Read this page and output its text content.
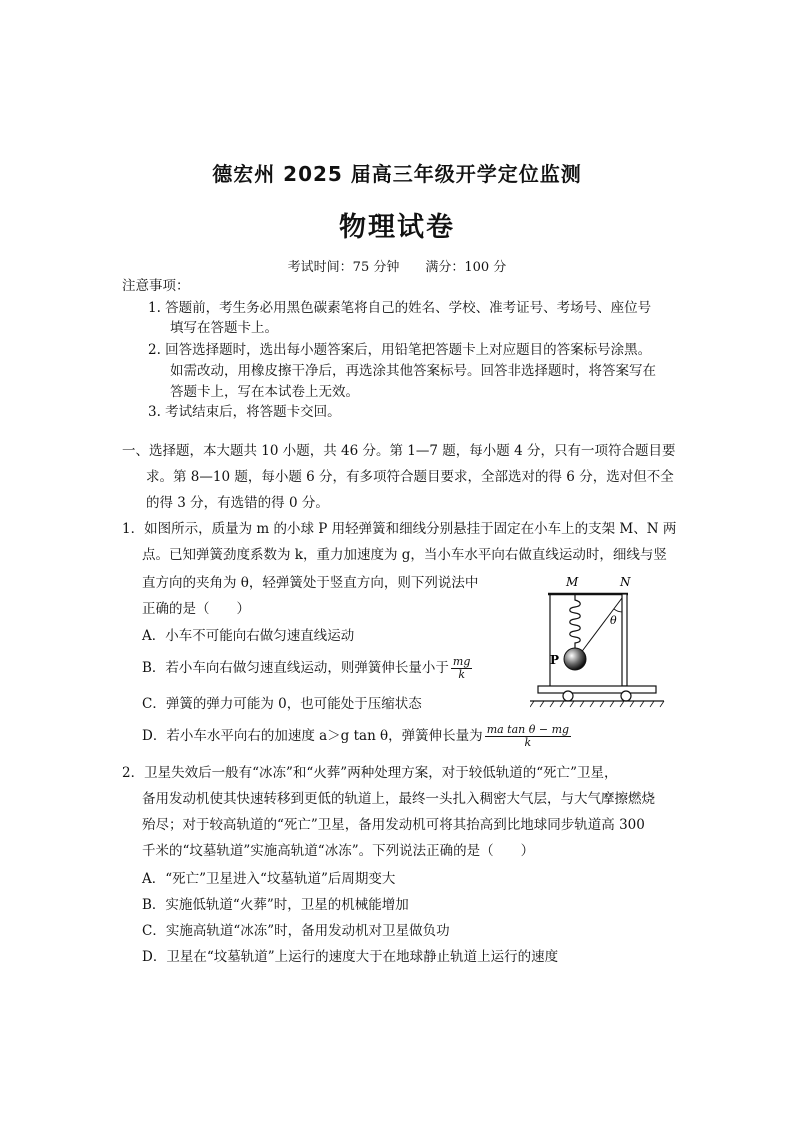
德宏州 2025 届高三年级开学定位监测
物理试卷
考试时间：75 分钟 满分：100 分
注意事项：
1. 答题前，考生务必用黑色碳素笔将自己的姓名、学校、准考证号、考场号、座位号
填写在答题卡上。
2. 回答选择题时，选出每小题答案后，用铅笔把答题卡上对应题目的答案标号涂黑。
如需改动，用橡皮擦干净后，再选涂其他答案标号。回答非选择题时，将答案写在
答题卡上，写在本试卷上无效。
3. 考试结束后，将答题卡交回。
一、选择题，本大题共 10 小题，共 46 分。第 1—7 题，每小题 4 分，只有一项符合题目要
求。第 8—10 题，每小题 6 分，有多项符合题目要求，全部选对的得 6 分，选对但不全
的得 3 分，有选错的得 0 分。
1．如图所示，质量为 m 的小球 P 用轻弹簧和细线分别悬挂于固定在小车上的支架 M、N 两
点。已知弹簧劲度系数为 k，重力加速度为 g，当小车水平向右做直线运动时，细线与竖
直方向的夹角为 θ，轻弹簧处于竖直方向，则下列说法中
正确的是（　　）
A．小车不可能向右做匀速直线运动
B．若小车向右做匀速直线运动，则弹簧伸长量小于 $\frac{mg}{k}$
C．弹簧的弹力可能为 0，也可能处于压缩状态
D．若小车水平向右的加速度 a＞g tan θ，弹簧伸长量为 $\frac{\text{ma tan θ − mg}}{k}$
M	N
θ
P
2．卫星失效后一般有“冰冻”和“火葬”两种处理方案，对于较低轨道的“死亡”卫星，
备用发动机使其快速转移到更低的轨道上，最终一头扎入稠密大气层，与大气摩擦燃烧
殆尽；对于较高轨道的“死亡”卫星，备用发动机可将其抬高到比地球同步轨道高 300
千米的“坟墓轨道”实施高轨道“冰冻”。下列说法正确的是（　　）
A．“死亡”卫星进入“坟墓轨道”后周期变大
B．实施低轨道“火葬”时，卫星的机械能增加
C．实施高轨道“冰冻”时，备用发动机对卫星做负功
D．卫星在“坟墓轨道”上运行的速度大于在地球静止轨道上运行的速度
